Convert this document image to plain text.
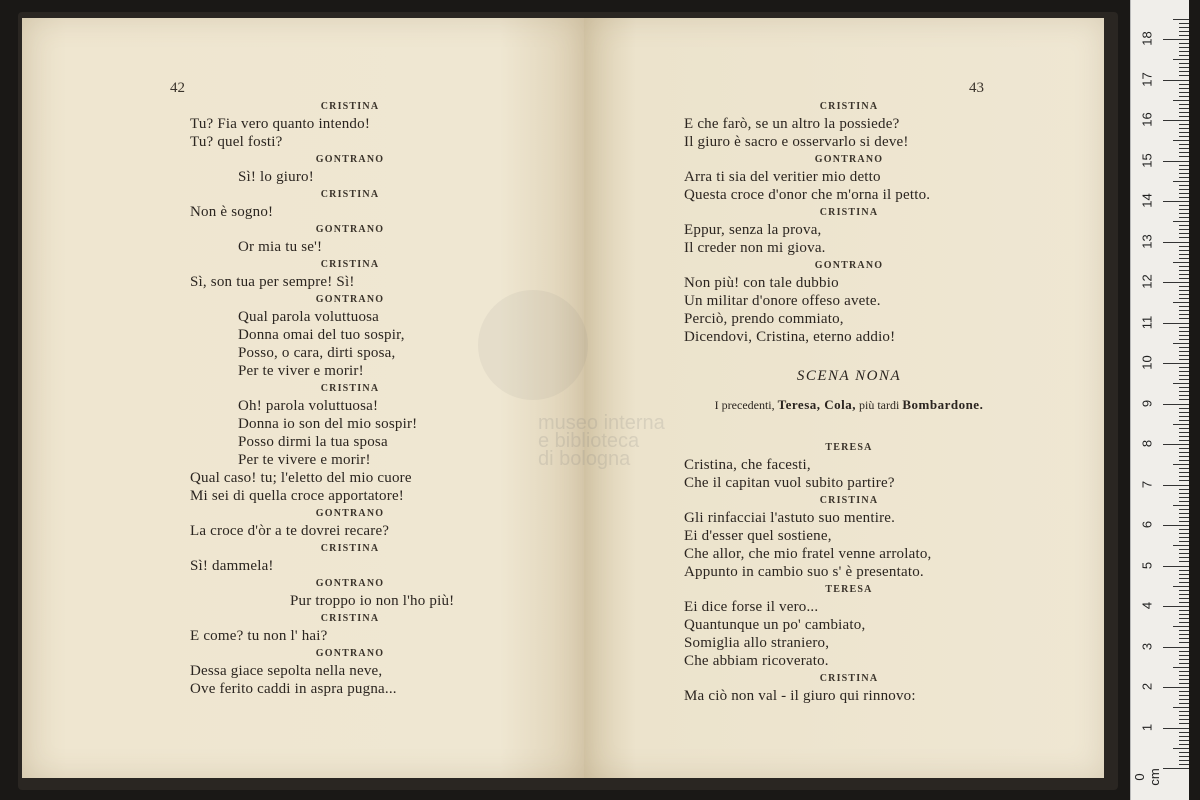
42
CRISTINA
Tu? Fia vero quanto intendo!
Tu? quel fosti?
GONTRANO
Sì! lo giuro!
CRISTINA
Non è sogno!
GONTRANO
Or mia tu se'!
CRISTINA
Sì, son tua per sempre! Sì!
GONTRANO
Qual parola voluttuosa
Donna omai del tuo sospir,
Posso, o cara, dirti sposa,
Per te viver e morir!
CRISTINA
Oh! parola voluttuosa!
Donna io son del mio sospir!
Posso dirmi la tua sposa
Per te vivere e morir!
Qual caso! tu; l'eletto del mio cuore
Mi sei di quella croce apportatore!
GONTRANO
La croce d'òr a te dovrei recare?
CRISTINA
Sì! dammela!
GONTRANO
Pur troppo io non l'ho più!
CRISTINA
E come? tu non l' hai?
GONTRANO
Dessa giace sepolta nella neve,
Ove ferito caddi in aspra pugna...
43
CRISTINA
E che farò, se un altro la possiede?
Il giuro è sacro e osservarlo si deve!
GONTRANO
Arra ti sia del veritier mio detto
Questa croce d'onor che m'orna il petto.
CRISTINA
Eppur, senza la prova,
Il creder non mi giova.
GONTRANO
Non più! con tale dubbio
Un militar d'onore offeso avete.
Perciò, prendo commiato,
Dicendovi, Cristina, eterno addio!
SCENA NONA
I precedenti, Teresa, Cola, più tardi Bombardone.
TERESA
Cristina, che facesti,
Che il capitan vuol subito partire?
CRISTINA
Gli rinfacciai l'astuto suo mentire.
Ei d'esser quel sostiene,
Che allor, che mio fratel venne arrolato,
Appunto in cambio suo s' è presentato.
TERESA
Ei dice forse il vero...
Quantunque un po' cambiato,
Somiglia allo straniero,
Che abbiam ricoverato.
CRISTINA
Ma ciò non val - il giuro qui rinnovo:
0 cm
1
2
3
4
5
6
7
8
9
10
11
12
13
14
15
16
17
18
